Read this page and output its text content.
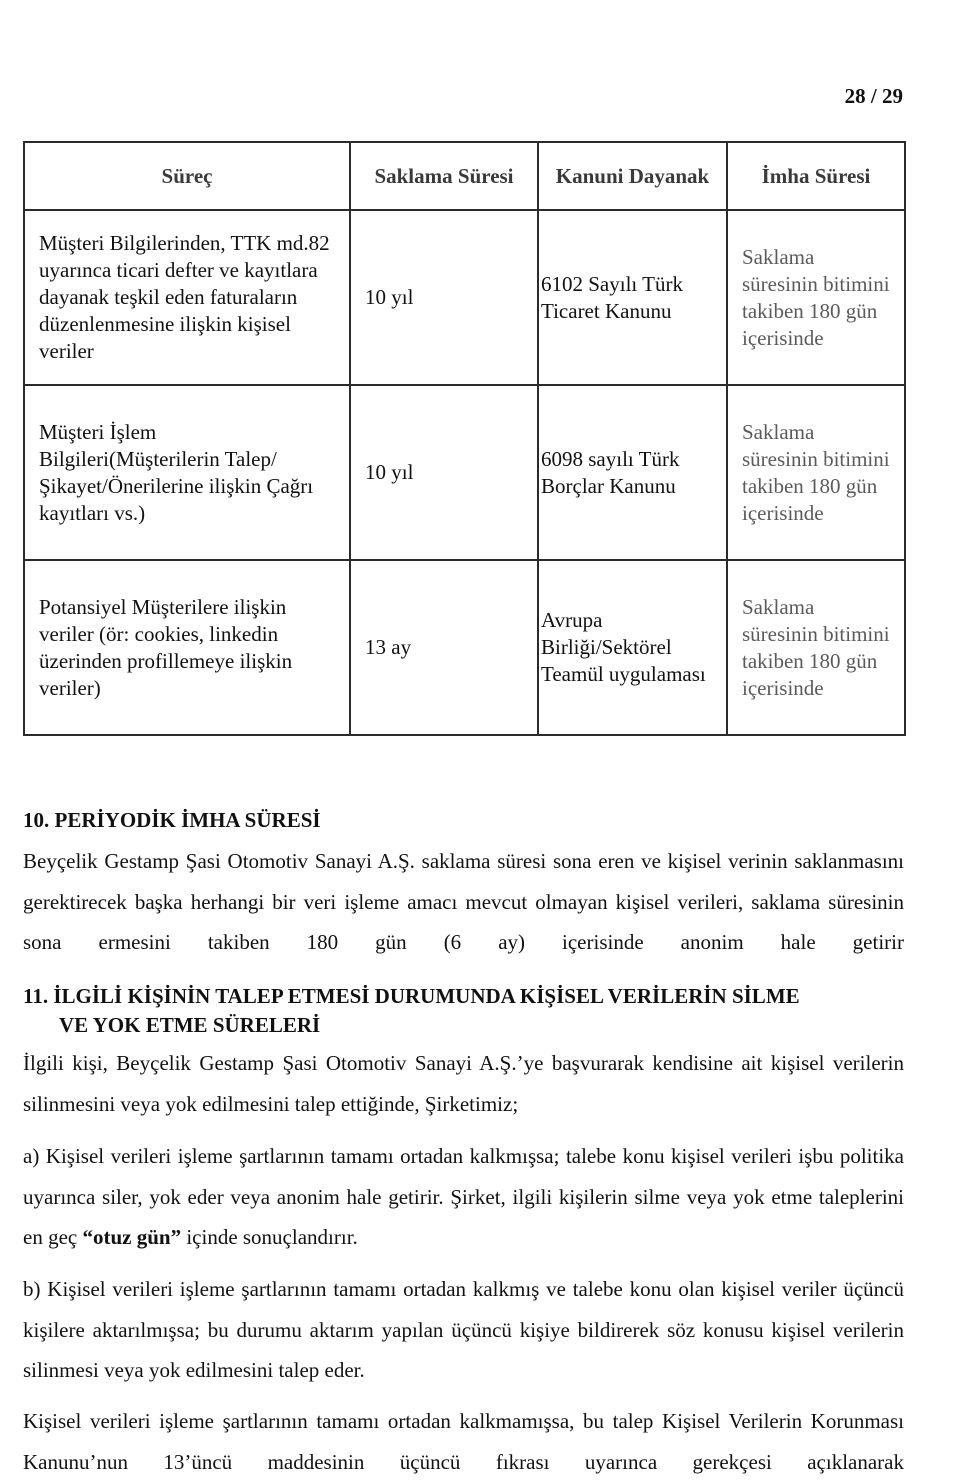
28 / 29
Süreç	Saklama Süresi	Kanuni Dayanak	İmha Süresi
Müşteri Bilgilerinden, TTK md.82 uyarınca ticari defter ve kayıtlara dayanak teşkil eden faturaların düzenlenmesine ilişkin kişisel veriler	10 yıl	6102 Sayılı Türk Ticaret Kanunu	Saklama süresinin bitimini takiben 180 gün içerisinde
Müşteri İşlem Bilgileri(Müşterilerin Talep/Şikayet/Önerilerine ilişkin Çağrı kayıtları vs.)	10 yıl	6098 sayılı Türk Borçlar Kanunu	Saklama süresinin bitimini takiben 180 gün içerisinde
Potansiyel Müşterilere ilişkin veriler (ör: cookies, linkedin üzerinden profillemeye ilişkin veriler)	13 ay	Avrupa Birliği/Sektörel Teamül uygulaması	Saklama süresinin bitimini takiben 180 gün içerisinde
10. PERİYODİK İMHA SÜRESİ

Beyçelik Gestamp Şasi Otomotiv Sanayi A.Ş. saklama süresi sona eren ve kişisel verinin saklanmasını gerektirecek başka herhangi bir veri işleme amacı mevcut olmayan kişisel verileri, saklama süresinin sona ermesini takiben 180 gün (6 ay) içerisinde anonim hale getirir

11. İLGİLİ KİŞİNİN TALEP ETMESİ DURUMUNDA KİŞİSEL VERİLERİN SİLME
VE YOK ETME SÜRELERİ

İlgili kişi, Beyçelik Gestamp Şasi Otomotiv Sanayi A.Ş.’ye başvurarak kendisine ait kişisel verilerin silinmesini veya yok edilmesini talep ettiğinde, Şirketimiz;

a) Kişisel verileri işleme şartlarının tamamı ortadan kalkmışsa; talebe konu kişisel verileri işbu politika uyarınca siler, yok eder veya anonim hale getirir. Şirket, ilgili kişilerin silme veya yok etme taleplerini en geç “otuz gün” içinde sonuçlandırır.

b) Kişisel verileri işleme şartlarının tamamı ortadan kalkmış ve talebe konu olan kişisel veriler üçüncü kişilere aktarılmışsa; bu durumu aktarım yapılan üçüncü kişiye bildirerek söz konusu kişisel verilerin silinmesi veya yok edilmesini talep eder.

Kişisel verileri işleme şartlarının tamamı ortadan kalkmamışsa, bu talep Kişisel Verilerin Korunması Kanunu’nun 13’üncü maddesinin üçüncü fıkrası uyarınca gerekçesi açıklanarak
